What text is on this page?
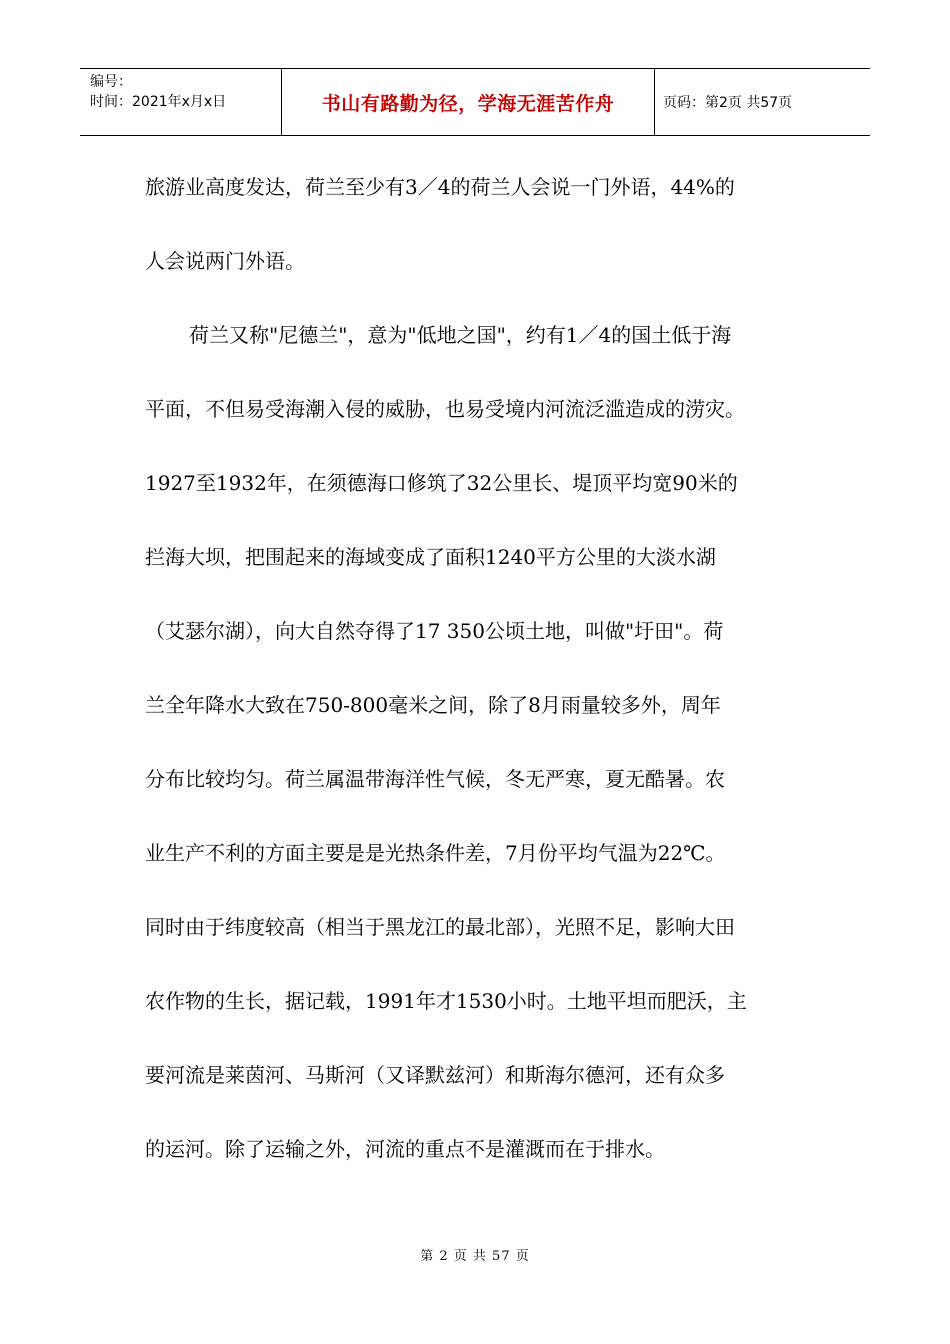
编号：
时间：2021年x月x日	书山有路勤为径，学海无涯苦作舟	页码：第2页 共57页
旅游业高度发达，荷兰至少有3／4的荷兰人会说一门外语，44%的
人会说两门外语。
荷兰又称"尼德兰"，意为"低地之国"，约有1／4的国土低于海
平面，不但易受海潮入侵的威胁，也易受境内河流泛滥造成的涝灾。
1927至1932年，在须德海口修筑了32公里长、堤顶平均宽90米的
拦海大坝，把围起来的海域变成了面积1240平方公里的大淡水湖
（艾瑟尔湖），向大自然夺得了17 350公顷土地，叫做"圩田"。荷
兰全年降水大致在750-800毫米之间，除了8月雨量较多外，周年
分布比较均匀。荷兰属温带海洋性气候，冬无严寒，夏无酷暑。农
业生产不利的方面主要是是光热条件差，7月份平均气温为22℃。
同时由于纬度较高（相当于黑龙江的最北部），光照不足，影响大田
农作物的生长，据记载，1991年才1530小时。土地平坦而肥沃，主
要河流是莱茵河、马斯河（又译默兹河）和斯海尔德河，还有众多
的运河。除了运输之外，河流的重点不是灌溉而在于排水。
第 2 页 共 57 页
